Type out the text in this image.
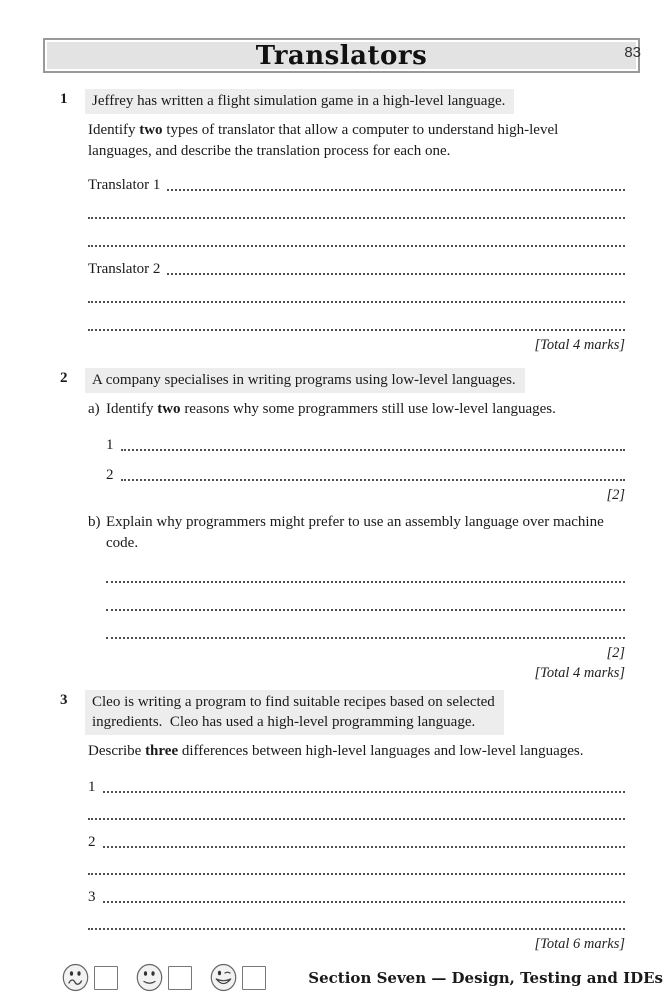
83
Translators
1 Jeffrey has written a flight simulation game in a high-level language.
Identify two types of translator that allow a computer to understand high-level languages, and describe the translation process for each one.
Translator 1
Translator 2
[Total 4 marks]
2 A company specialises in writing programs using low-level languages.
a) Identify two reasons why some programmers still use low-level languages.
1
2
[2]
b) Explain why programmers might prefer to use an assembly language over machine code.
[2]
[Total 4 marks]
3 Cleo is writing a program to find suitable recipes based on selected
ingredients.  Cleo has used a high-level programming language.
Describe three differences between high-level languages and low-level languages.
1
2
3
[Total 6 marks]
Section Seven — Design, Testing and IDEs
